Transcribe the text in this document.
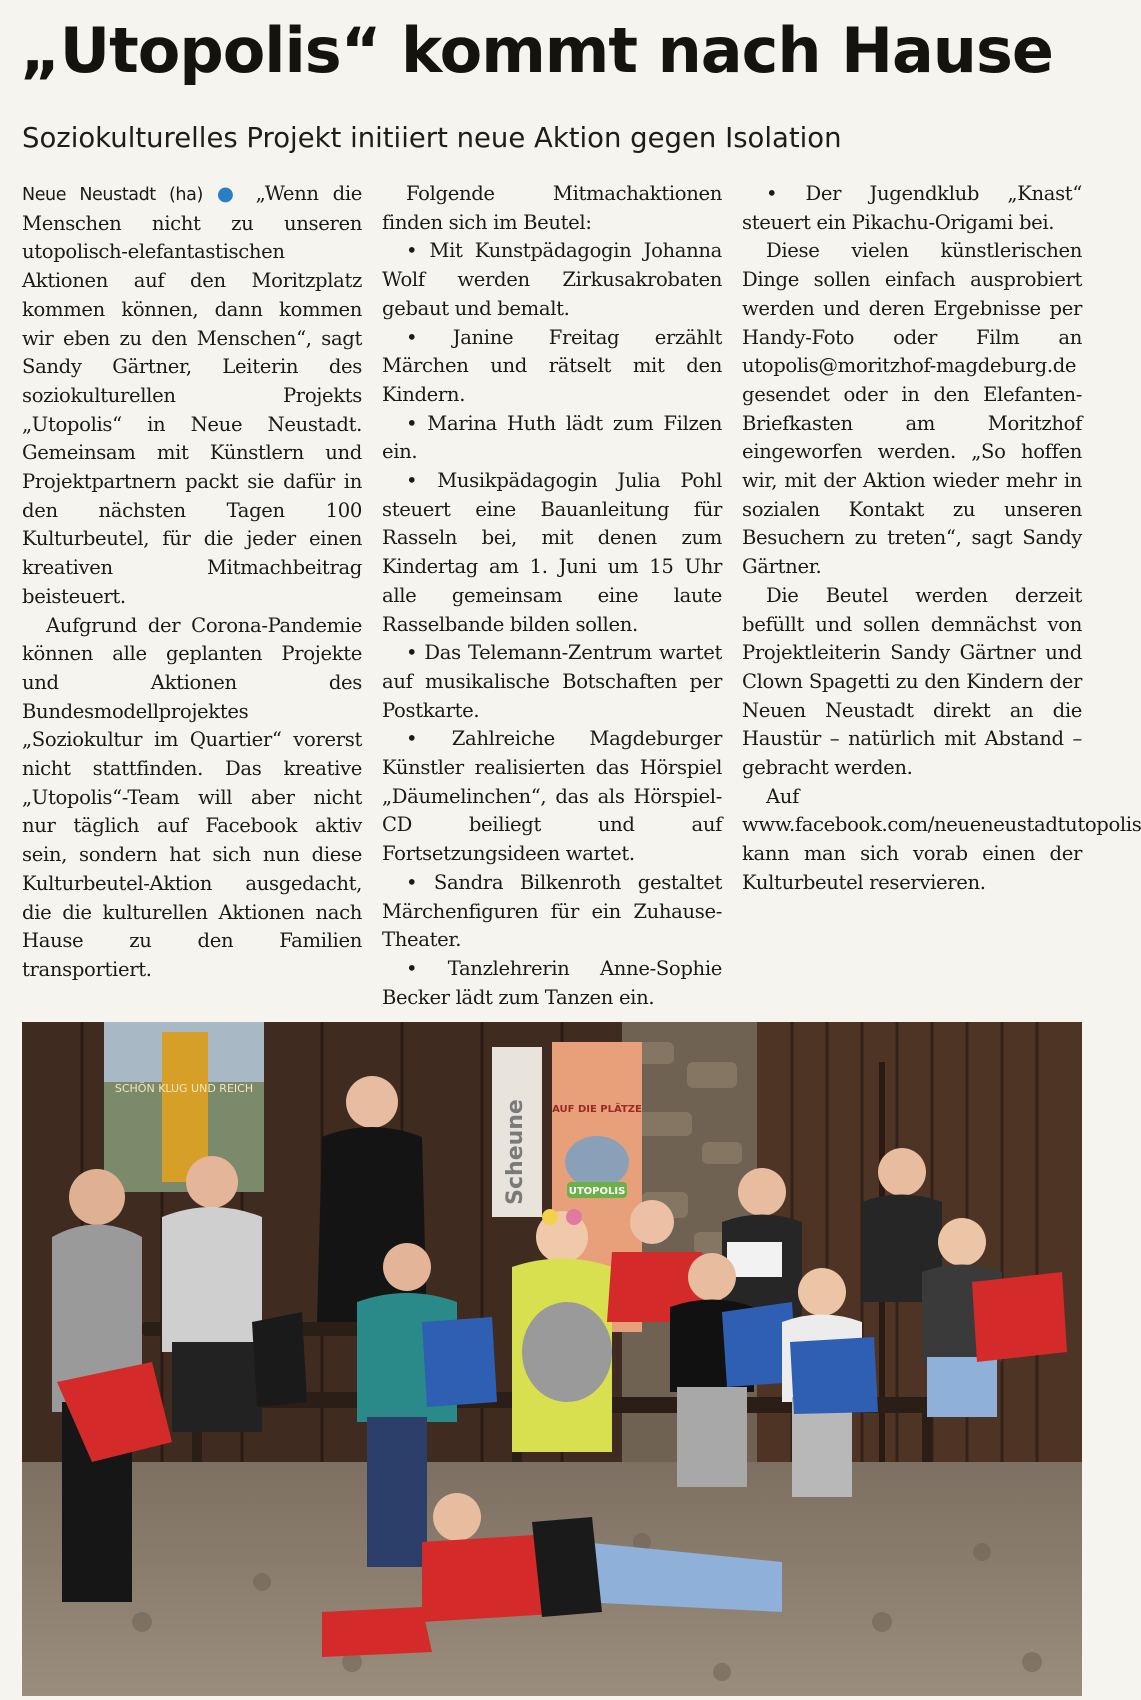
„Utopolis“ kommt nach Hause
Soziokulturelles Projekt initiiert neue Aktion gegen Isolation

Neue Neustadt (ha) ● „Wenn die Menschen nicht zu unseren utopolisch-elefantastischen Aktionen auf den Moritzplatz kommen können, dann kommen wir eben zu den Menschen“, sagt Sandy Gärtner, Leiterin des soziokulturellen Projekts „Utopolis“ in Neue Neustadt. Gemeinsam mit Künstlern und Projektpartnern packt sie dafür in den nächsten Tagen 100 Kulturbeutel, für die jeder einen kreativen Mitmachbeitrag beisteuert.

Aufgrund der Corona-Pandemie können alle geplanten Projekte und Aktionen des Bundesmodellprojektes „Soziokultur im Quartier“ vorerst nicht stattfinden. Das kreative „Utopolis“-Team will aber nicht nur täglich auf Facebook aktiv sein, sondern hat sich nun diese Kulturbeutel-Aktion ausgedacht, die die kulturellen Aktionen nach Hause zu den Familien transportiert.

Folgende Mitmachaktionen finden sich im Beutel:

• Mit Kunstpädagogin Johanna Wolf werden Zirkusakrobaten gebaut und bemalt.

• Janine Freitag erzählt Märchen und rätselt mit den Kindern.

• Marina Huth lädt zum Filzen ein.

• Musikpädagogin Julia Pohl steuert eine Bauanleitung für Rasseln bei, mit denen zum Kindertag am 1. Juni um 15 Uhr alle gemeinsam eine laute Rasselbande bilden sollen.

• Das Telemann-Zentrum wartet auf musikalische Botschaften per Postkarte.

• Zahlreiche Magdeburger Künstler realisierten das Hörspiel „Däumelinchen“, das als Hörspiel-CD beiliegt und auf Fortsetzungsideen wartet.

• Sandra Bilkenroth gestaltet Märchenfiguren für ein Zuhause-Theater.

• Tanzlehrerin Anne-Sophie Becker lädt zum Tanzen ein.

• Der Jugendklub „Knast“ steuert ein Pikachu-Origami bei.

Diese vielen künstlerischen Dinge sollen einfach ausprobiert werden und deren Ergebnisse per Handy-Foto oder Film an utopolis@moritzhof-magdeburg.de gesendet oder in den Elefanten-Briefkasten am Moritzhof eingeworfen werden. „So hoffen wir, mit der Aktion wieder mehr in sozialen Kontakt zu unseren Besuchern zu treten“, sagt Sandy Gärtner.

Die Beutel werden derzeit befüllt und sollen demnächst von Projektleiterin Sandy Gärtner und Clown Spagetti zu den Kindern der Neuen Neustadt direkt an die Haustür – natürlich mit Abstand – gebracht werden.

Auf www.facebook.com/neueneustadtutopolis kann man sich vorab einen der Kulturbeutel reservieren.

SCHÖN KLUG UND REICH
Scheune AUF DIE PLÄTZE
UTOPOLIS
